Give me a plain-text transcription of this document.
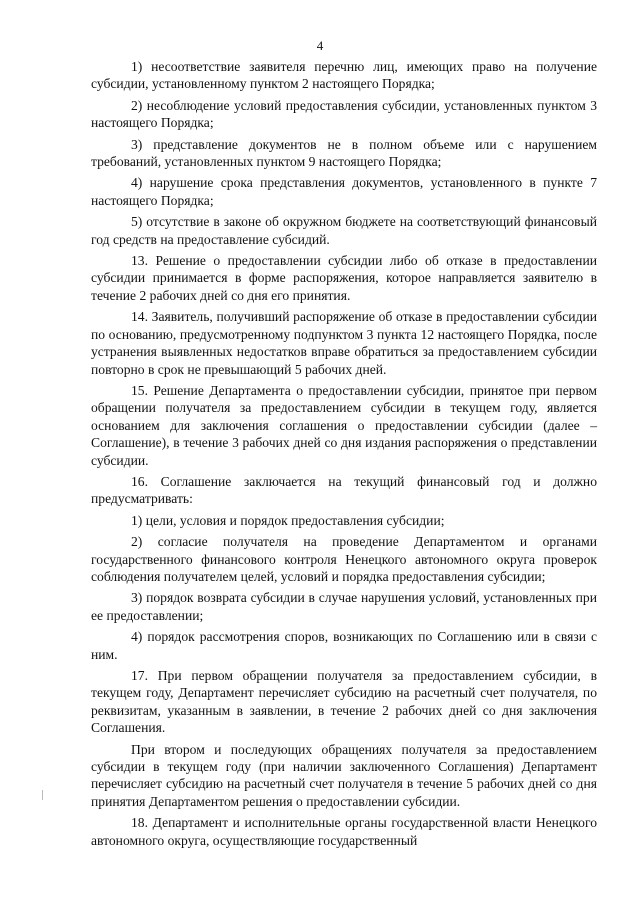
4

1) несоответствие заявителя перечню лиц, имеющих право на получение субсидии, установленному пунктом 2 настоящего Порядка;

2) несоблюдение условий предоставления субсидии, установленных пунктом 3 настоящего Порядка;

3) представление документов не в полном объеме или с нарушением требований, установленных пунктом 9 настоящего Порядка;

4) нарушение срока представления документов, установленного в пункте 7 настоящего Порядка;

5) отсутствие в законе об окружном бюджете на соответствующий финансовый год средств на предоставление субсидий.

13. Решение о предоставлении субсидии либо об отказе в предоставлении субсидии принимается в форме распоряжения, которое направляется заявителю в течение 2 рабочих дней со дня его принятия.

14. Заявитель, получивший распоряжение об отказе в предоставлении субсидии по основанию, предусмотренному подпунктом 3 пункта 12 настоящего Порядка, после устранения выявленных недостатков вправе обратиться за предоставлением субсидии повторно в срок не превышающий 5 рабочих дней.

15. Решение Департамента о предоставлении субсидии, принятое при первом обращении получателя за предоставлением субсидии в текущем году, является основанием для заключения соглашения о предоставлении субсидии (далее – Соглашение), в течение 3 рабочих дней со дня издания распоряжения о представлении субсидии.

16. Соглашение заключается на текущий финансовый год и должно предусматривать:

1) цели, условия и порядок предоставления субсидии;

2) согласие получателя на проведение Департаментом и органами государственного финансового контроля Ненецкого автономного округа проверок соблюдения получателем целей, условий и порядка предоставления субсидии;

3) порядок возврата субсидии в случае нарушения условий, установленных при ее предоставлении;

4) порядок рассмотрения споров, возникающих по Соглашению или в связи с ним.

17. При первом обращении получателя за предоставлением субсидии, в текущем году, Департамент перечисляет субсидию на расчетный счет получателя, по реквизитам, указанным в заявлении, в течение 2 рабочих дней со дня заключения Соглашения.

При втором и последующих обращениях получателя за предоставлением субсидии в текущем году (при наличии заключенного Соглашения) Департамент перечисляет субсидию на расчетный счет получателя в течение 5 рабочих дней со дня принятия Департаментом решения о предоставлении субсидии.

18. Департамент и исполнительные органы государственной власти Ненецкого автономного округа, осуществляющие государственный
